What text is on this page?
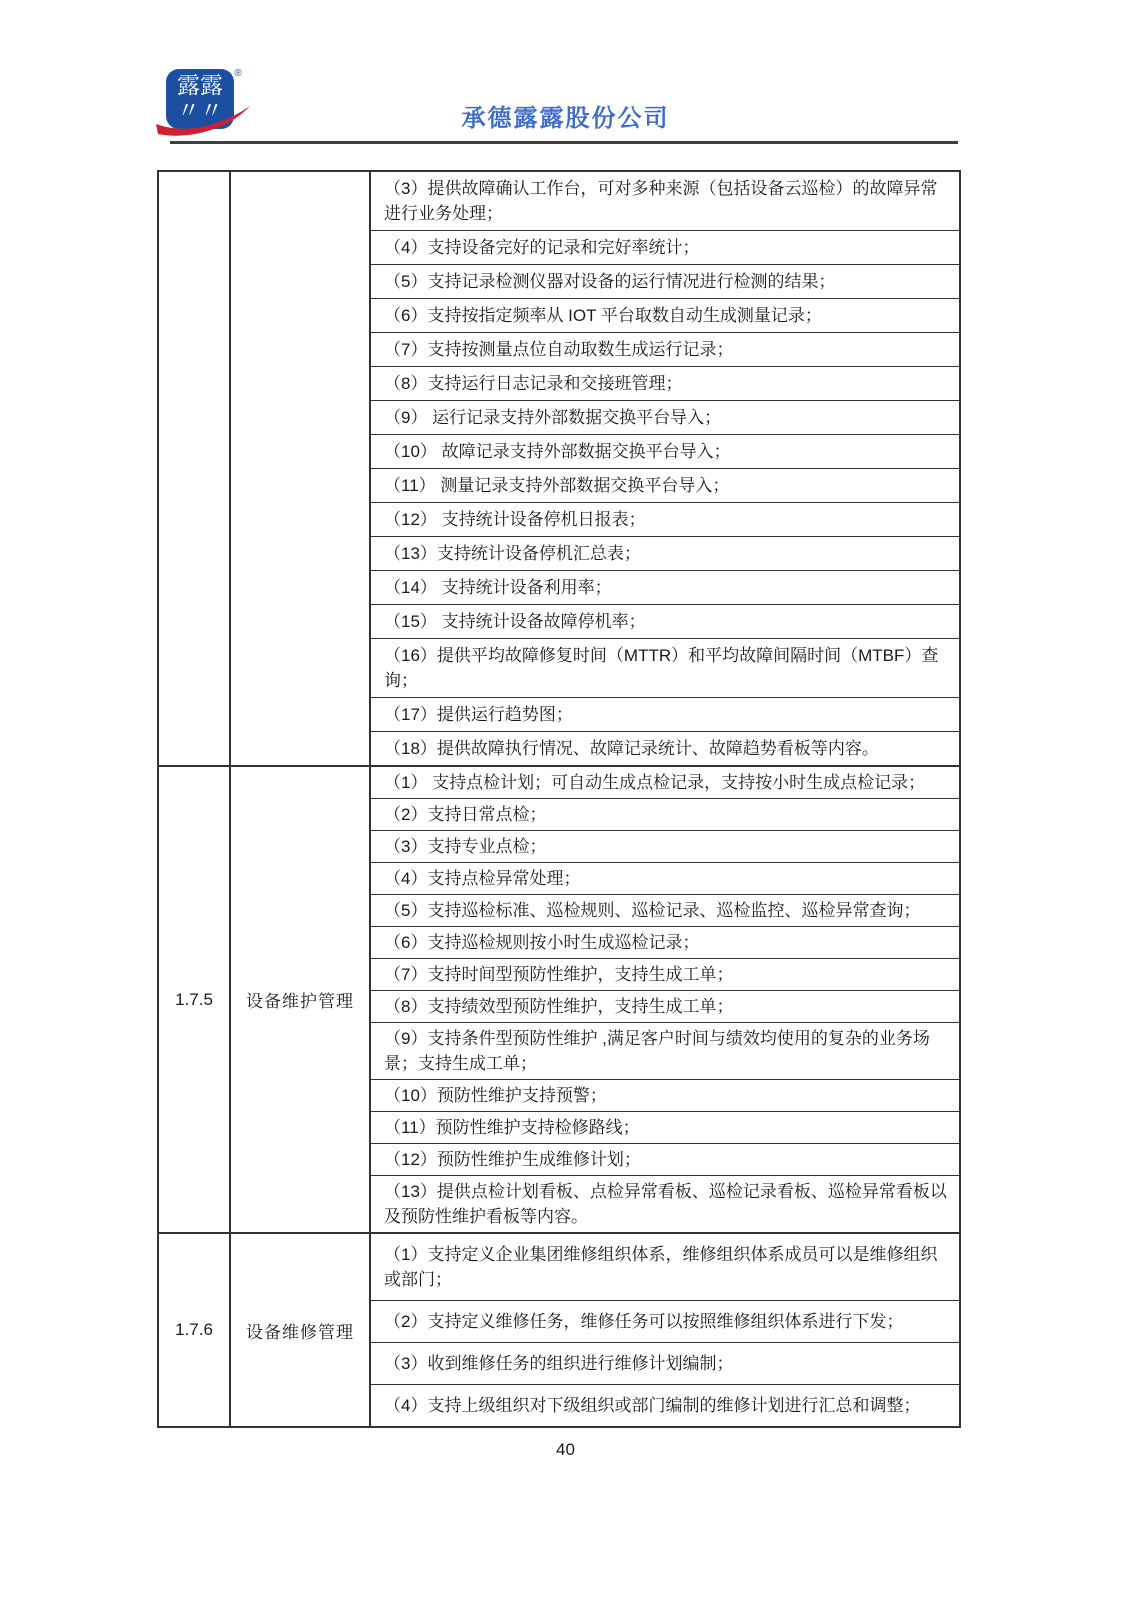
露露
〃〃
®
承德露露股份公司
（3）提供故障确认工作台，可对多种来源（包括设备云巡检）的故障异常进行业务处理；
（4）支持设备完好的记录和完好率统计；
（5）支持记录检测仪器对设备的运行情况进行检测的结果；
（6）支持按指定频率从 IOT 平台取数自动生成测量记录；
（7）支持按测量点位自动取数生成运行记录；
（8）支持运行日志记录和交接班管理；
（9） 运行记录支持外部数据交换平台导入；
（10） 故障记录支持外部数据交换平台导入；
（11） 测量记录支持外部数据交换平台导入；
（12） 支持统计设备停机日报表；
（13）支持统计设备停机汇总表；
（14） 支持统计设备利用率；
（15） 支持统计设备故障停机率；
（16）提供平均故障修复时间（MTTR）和平均故障间隔时间（MTBF）查询；
（17）提供运行趋势图；
（18）提供故障执行情况、故障记录统计、故障趋势看板等内容。
1.7.5	设备维护管理
（1） 支持点检计划；可自动生成点检记录，支持按小时生成点检记录；
（2）支持日常点检；
（3）支持专业点检；
（4）支持点检异常处理；
（5）支持巡检标准、巡检规则、巡检记录、巡检监控、巡检异常查询；
（6）支持巡检规则按小时生成巡检记录；
（7）支持时间型预防性维护，支持生成工单；
（8）支持绩效型预防性维护，支持生成工单；
（9）支持条件型预防性维护 ,满足客户时间与绩效均使用的复杂的业务场景；支持生成工单；
（10）预防性维护支持预警；
（11）预防性维护支持检修路线；
（12）预防性维护生成维修计划；
（13）提供点检计划看板、点检异常看板、巡检记录看板、巡检异常看板以及预防性维护看板等内容。
1.7.6	设备维修管理
（1）支持定义企业集团维修组织体系，维修组织体系成员可以是维修组织或部门；
（2）支持定义维修任务，维修任务可以按照维修组织体系进行下发；
（3）收到维修任务的组织进行维修计划编制；
（4）支持上级组织对下级组织或部门编制的维修计划进行汇总和调整；
40
